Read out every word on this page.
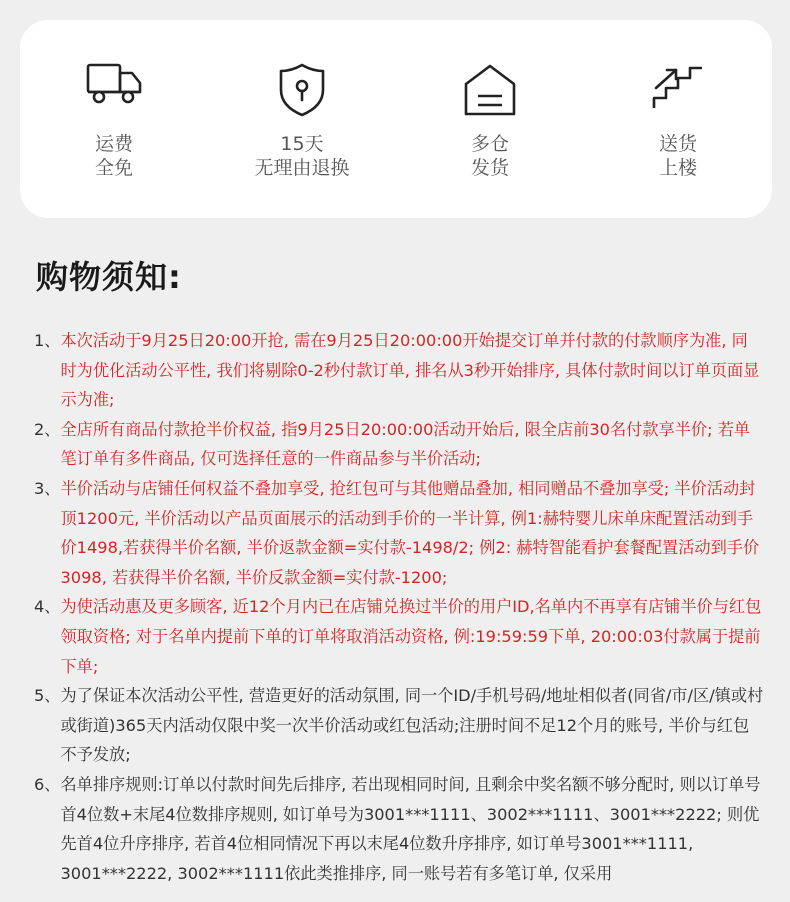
运费
全免
15天
无理由退换
多仓
发货
送货
上楼
购物须知:
1、 本次活动于9月25日20:00开抢, 需在9月25日20:00:00开始提交订单并付款的付款顺序为准, 同时为优化活动公平性, 我们将剔除0-2秒付款订单, 排名从3秒开始排序, 具体付款时间以订单页面显示为准;
2、 全店所有商品付款抢半价权益, 指9月25日20:00:00活动开始后, 限全店前30名付款享半价; 若单笔订单有多件商品, 仅可选择任意的一件商品参与半价活动;
3、 半价活动与店铺任何权益不叠加享受, 抢红包可与其他赠品叠加, 相同赠品不叠加享受; 半价活动封顶1200元, 半价活动以产品页面展示的活动到手价的一半计算, 例1:赫特婴儿床单床配置活动到手价1498,若获得半价名额, 半价返款金额=实付款-1498/2; 例2: 赫特智能看护套餐配置活动到手价3098, 若获得半价名额, 半价反款金额=实付款-1200;
4、 为使活动惠及更多顾客, 近12个月内已在店铺兑换过半价的用户ID,名单内不再享有店铺半价与红包领取资格; 对于名单内提前下单的订单将取消活动资格, 例:19:59:59下单, 20:00:03付款属于提前下单;
5、 为了保证本次活动公平性, 营造更好的活动氛围, 同一个ID/手机号码/地址相似者(同省/市/区/镇或村或街道)365天内活动仅限中奖一次半价活动或红包活动;注册时间不足12个月的账号, 半价与红包不予发放;
6、 名单排序规则:订单以付款时间先后排序, 若出现相同时间, 且剩余中奖名额不够分配时, 则以订单号首4位数+末尾4位数排序规则, 如订单号为3001***1111、3002***1111、3001***2222; 则优先首4位升序排序, 若首4位相同情况下再以末尾4位数升序排序, 如订单号3001***1111, 3001***2222, 3002***1111依此类推排序, 同一账号若有多笔订单, 仅采用
